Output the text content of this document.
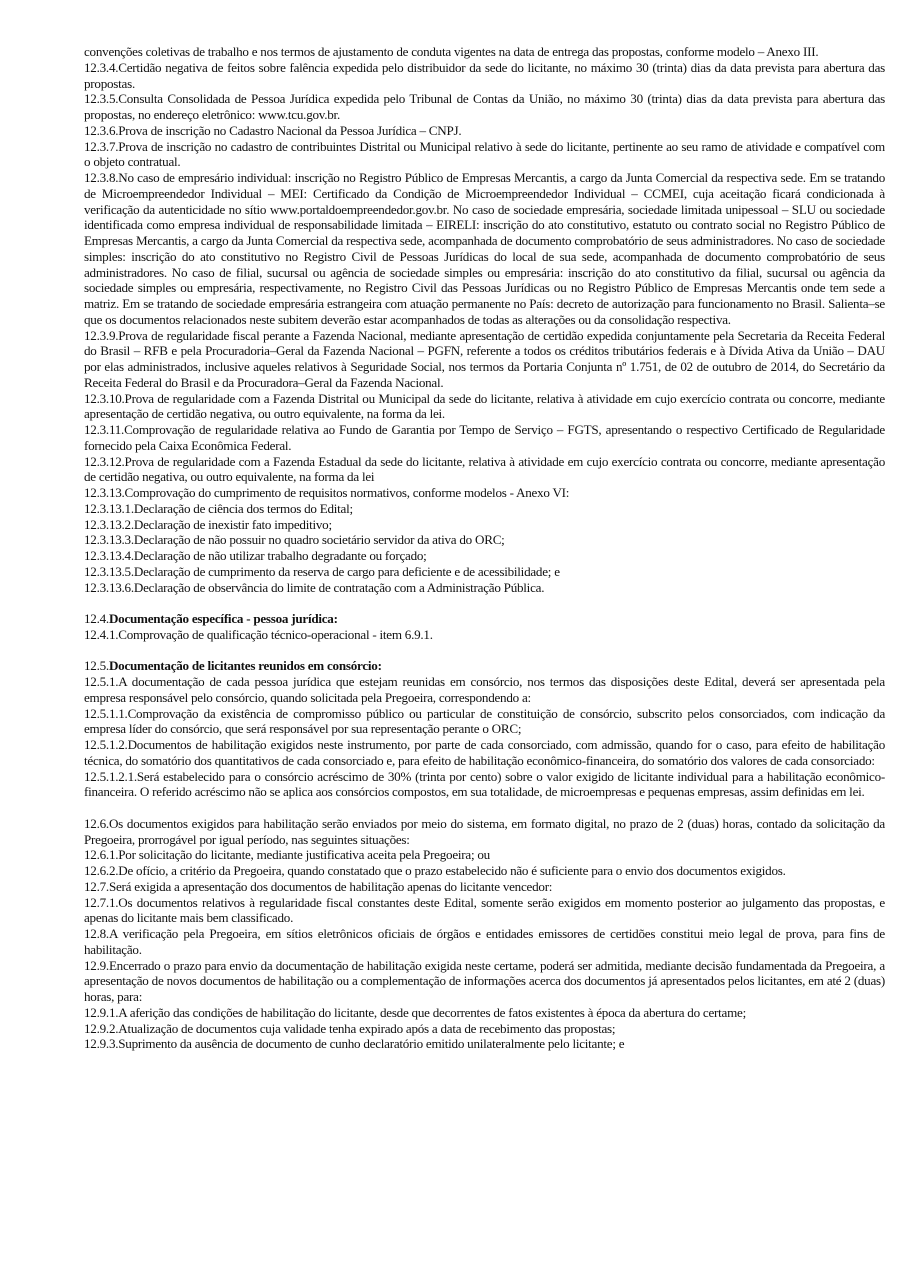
convenções coletivas de trabalho e nos termos de ajustamento de conduta vigentes na data de entrega das propostas, conforme modelo – Anexo III.

12.3.4.Certidão negativa de feitos sobre falência expedida pelo distribuidor da sede do licitante, no máximo 30 (trinta) dias da data prevista para abertura das propostas.

12.3.5.Consulta Consolidada de Pessoa Jurídica expedida pelo Tribunal de Contas da União, no máximo 30 (trinta) dias da data prevista para abertura das propostas, no endereço eletrônico: www.tcu.gov.br.

12.3.6.Prova de inscrição no Cadastro Nacional da Pessoa Jurídica – CNPJ.

12.3.7.Prova de inscrição no cadastro de contribuintes Distrital ou Municipal relativo à sede do licitante, pertinente ao seu ramo de atividade e compatível com o objeto contratual.

12.3.8.No caso de empresário individual: inscrição no Registro Público de Empresas Mercantis, a cargo da Junta Comercial da respectiva sede. Em se tratando de Microempreendedor Individual – MEI: Certificado da Condição de Microempreendedor Individual – CCMEI, cuja aceitação ficará condicionada à verificação da autenticidade no sítio www.portaldoempreendedor.gov.br. No caso de sociedade empresária, sociedade limitada unipessoal – SLU ou sociedade identificada como empresa individual de responsabilidade limitada – EIRELI: inscrição do ato constitutivo, estatuto ou contrato social no Registro Público de Empresas Mercantis, a cargo da Junta Comercial da respectiva sede, acompanhada de documento comprobatório de seus administradores. No caso de sociedade simples: inscrição do ato constitutivo no Registro Civil de Pessoas Jurídicas do local de sua sede, acompanhada de documento comprobatório de seus administradores. No caso de filial, sucursal ou agência de sociedade simples ou empresária: inscrição do ato constitutivo da filial, sucursal ou agência da sociedade simples ou empresária, respectivamente, no Registro Civil das Pessoas Jurídicas ou no Registro Público de Empresas Mercantis onde tem sede a matriz. Em se tratando de sociedade empresária estrangeira com atuação permanente no País: decreto de autorização para funcionamento no Brasil. Salienta–se que os documentos relacionados neste subitem deverão estar acompanhados de todas as alterações ou da consolidação respectiva.

12.3.9.Prova de regularidade fiscal perante a Fazenda Nacional, mediante apresentação de certidão expedida conjuntamente pela Secretaria da Receita Federal do Brasil – RFB e pela Procuradoria–Geral da Fazenda Nacional – PGFN, referente a todos os créditos tributários federais e à Dívida Ativa da União – DAU por elas administrados, inclusive aqueles relativos à Seguridade Social, nos termos da Portaria Conjunta nº 1.751, de 02 de outubro de 2014, do Secretário da Receita Federal do Brasil e da Procuradora–Geral da Fazenda Nacional.

12.3.10.Prova de regularidade com a Fazenda Distrital ou Municipal da sede do licitante, relativa à atividade em cujo exercício contrata ou concorre, mediante apresentação de certidão negativa, ou outro equivalente, na forma da lei.

12.3.11.Comprovação de regularidade relativa ao Fundo de Garantia por Tempo de Serviço – FGTS, apresentando o respectivo Certificado de Regularidade fornecido pela Caixa Econômica Federal.

12.3.12.Prova de regularidade com a Fazenda Estadual da sede do licitante, relativa à atividade em cujo exercício contrata ou concorre, mediante apresentação de certidão negativa, ou outro equivalente, na forma da lei

12.3.13.Comprovação do cumprimento de requisitos normativos, conforme modelos - Anexo VI:

12.3.13.1.Declaração de ciência dos termos do Edital;

12.3.13.2.Declaração de inexistir fato impeditivo;

12.3.13.3.Declaração de não possuir no quadro societário servidor da ativa do ORC;

12.3.13.4.Declaração de não utilizar trabalho degradante ou forçado;

12.3.13.5.Declaração de cumprimento da reserva de cargo para deficiente e de acessibilidade; e

12.3.13.6.Declaração de observância do limite de contratação com a Administração Pública.

12.4.Documentação específica - pessoa jurídica:

12.4.1.Comprovação de qualificação técnico-operacional - item 6.9.1.

12.5.Documentação de licitantes reunidos em consórcio:

12.5.1.A documentação de cada pessoa jurídica que estejam reunidas em consórcio, nos termos das disposições deste Edital, deverá ser apresentada pela empresa responsável pelo consórcio, quando solicitada pela Pregoeira, correspondendo a:

12.5.1.1.Comprovação da existência de compromisso público ou particular de constituição de consórcio, subscrito pelos consorciados, com indicação da empresa líder do consórcio, que será responsável por sua representação perante o ORC;

12.5.1.2.Documentos de habilitação exigidos neste instrumento, por parte de cada consorciado, com admissão, quando for o caso, para efeito de habilitação técnica, do somatório dos quantitativos de cada consorciado e, para efeito de habilitação econômico-financeira, do somatório dos valores de cada consorciado:

12.5.1.2.1.Será estabelecido para o consórcio acréscimo de 30% (trinta por cento) sobre o valor exigido de licitante individual para a habilitação econômico-financeira. O referido acréscimo não se aplica aos consórcios compostos, em sua totalidade, de microempresas e pequenas empresas, assim definidas em lei.

12.6.Os documentos exigidos para habilitação serão enviados por meio do sistema, em formato digital, no prazo de 2 (duas) horas, contado da solicitação da Pregoeira, prorrogável por igual período, nas seguintes situações:

12.6.1.Por solicitação do licitante, mediante justificativa aceita pela Pregoeira; ou

12.6.2.De ofício, a critério da Pregoeira, quando constatado que o prazo estabelecido não é suficiente para o envio dos documentos exigidos.

12.7.Será exigida a apresentação dos documentos de habilitação apenas do licitante vencedor:

12.7.1.Os documentos relativos à regularidade fiscal constantes deste Edital, somente serão exigidos em momento posterior ao julgamento das propostas, e apenas do licitante mais bem classificado.

12.8.A verificação pela Pregoeira, em sítios eletrônicos oficiais de órgãos e entidades emissores de certidões constitui meio legal de prova, para fins de habilitação.

12.9.Encerrado o prazo para envio da documentação de habilitação exigida neste certame, poderá ser admitida, mediante decisão fundamentada da Pregoeira, a apresentação de novos documentos de habilitação ou a complementação de informações acerca dos documentos já apresentados pelos licitantes, em até 2 (duas) horas, para:

12.9.1.A aferição das condições de habilitação do licitante, desde que decorrentes de fatos existentes à época da abertura do certame;

12.9.2.Atualização de documentos cuja validade tenha expirado após a data de recebimento das propostas;

12.9.3.Suprimento da ausência de documento de cunho declaratório emitido unilateralmente pelo licitante; e
